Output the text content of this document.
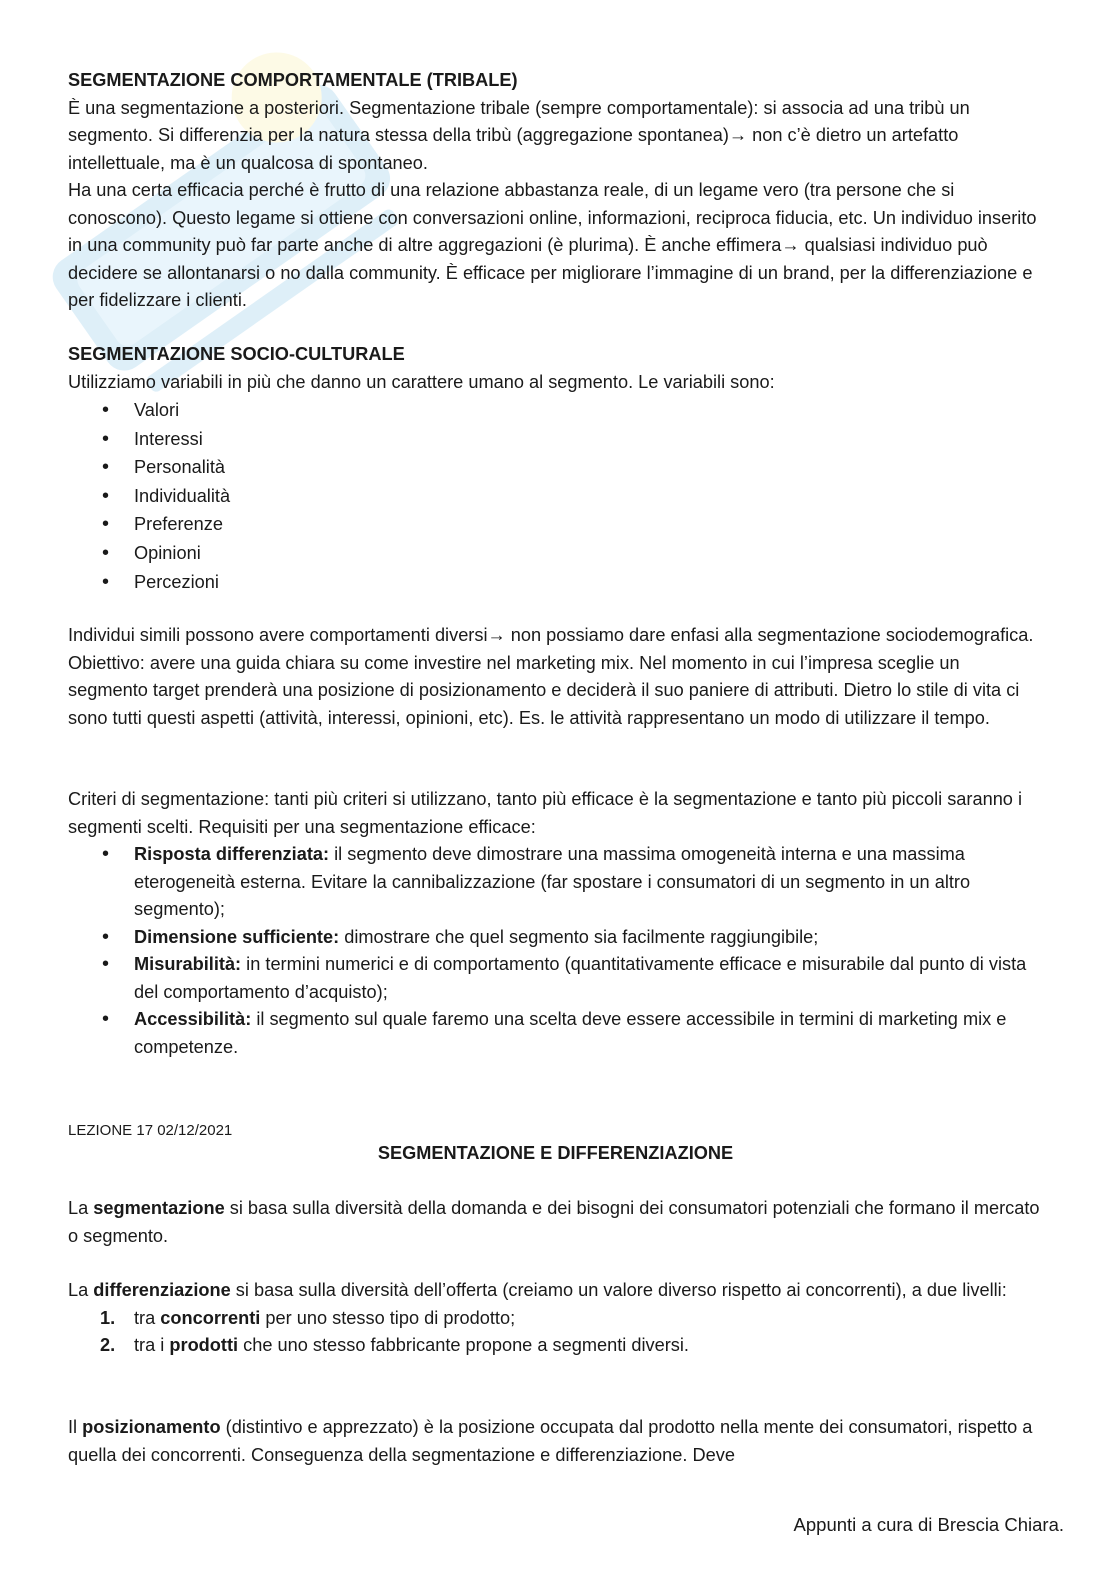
SEGMENTAZIONE COMPORTAMENTALE (TRIBALE)

È una segmentazione a posteriori. Segmentazione tribale (sempre comportamentale): si associa ad una tribù un segmento. Si differenzia per la natura stessa della tribù (aggregazione spontanea)→ non c’è dietro un artefatto intellettuale, ma è un qualcosa di spontaneo.

Ha una certa efficacia perché è frutto di una relazione abbastanza reale, di un legame vero (tra persone che si conoscono). Questo legame si ottiene con conversazioni online, informazioni, reciproca fiducia, etc. Un individuo inserito in una community può far parte anche di altre aggregazioni (è plurima). È anche effimera→ qualsiasi individuo può decidere se allontanarsi o no dalla community. È efficace per migliorare l’immagine di un brand, per la differenziazione e per fidelizzare i clienti.

SEGMENTAZIONE SOCIO-CULTURALE

Utilizziamo variabili in più che danno un carattere umano al segmento. Le variabili sono:

• Valori
• Interessi
• Personalità
• Individualità
• Preferenze
• Opinioni
• Percezioni

Individui simili possono avere comportamenti diversi→ non possiamo dare enfasi alla segmentazione sociodemografica. Obiettivo: avere una guida chiara su come investire nel marketing mix. Nel momento in cui l’impresa sceglie un segmento target prenderà una posizione di posizionamento e deciderà il suo paniere di attributi. Dietro lo stile di vita ci sono tutti questi aspetti (attività, interessi, opinioni, etc). Es. le attività rappresentano un modo di utilizzare il tempo.

Criteri di segmentazione: tanti più criteri si utilizzano, tanto più efficace è la segmentazione e tanto più piccoli saranno i segmenti scelti. Requisiti per una segmentazione efficace:

• Risposta differenziata: il segmento deve dimostrare una massima omogeneità interna e una massima eterogeneità esterna. Evitare la cannibalizzazione (far spostare i consumatori di un segmento in un altro segmento);
• Dimensione sufficiente: dimostrare che quel segmento sia facilmente raggiungibile;
• Misurabilità: in termini numerici e di comportamento (quantitativamente efficace e misurabile dal punto di vista del comportamento d’acquisto);
• Accessibilità: il segmento sul quale faremo una scelta deve essere accessibile in termini di marketing mix e competenze.
LEZIONE 17 02/12/2021
SEGMENTAZIONE E DIFFERENZIAZIONE

La segmentazione si basa sulla diversità della domanda e dei bisogni dei consumatori potenziali che formano il mercato o segmento.

La differenziazione si basa sulla diversità dell’offerta (creiamo un valore diverso rispetto ai concorrenti), a due livelli:

1. tra concorrenti per uno stesso tipo di prodotto;
2. tra i prodotti che uno stesso fabbricante propone a segmenti diversi.

Il posizionamento (distintivo e apprezzato) è la posizione occupata dal prodotto nella mente dei consumatori, rispetto a quella dei concorrenti. Conseguenza della segmentazione e differenziazione. Deve

Appunti a cura di Brescia Chiara.
